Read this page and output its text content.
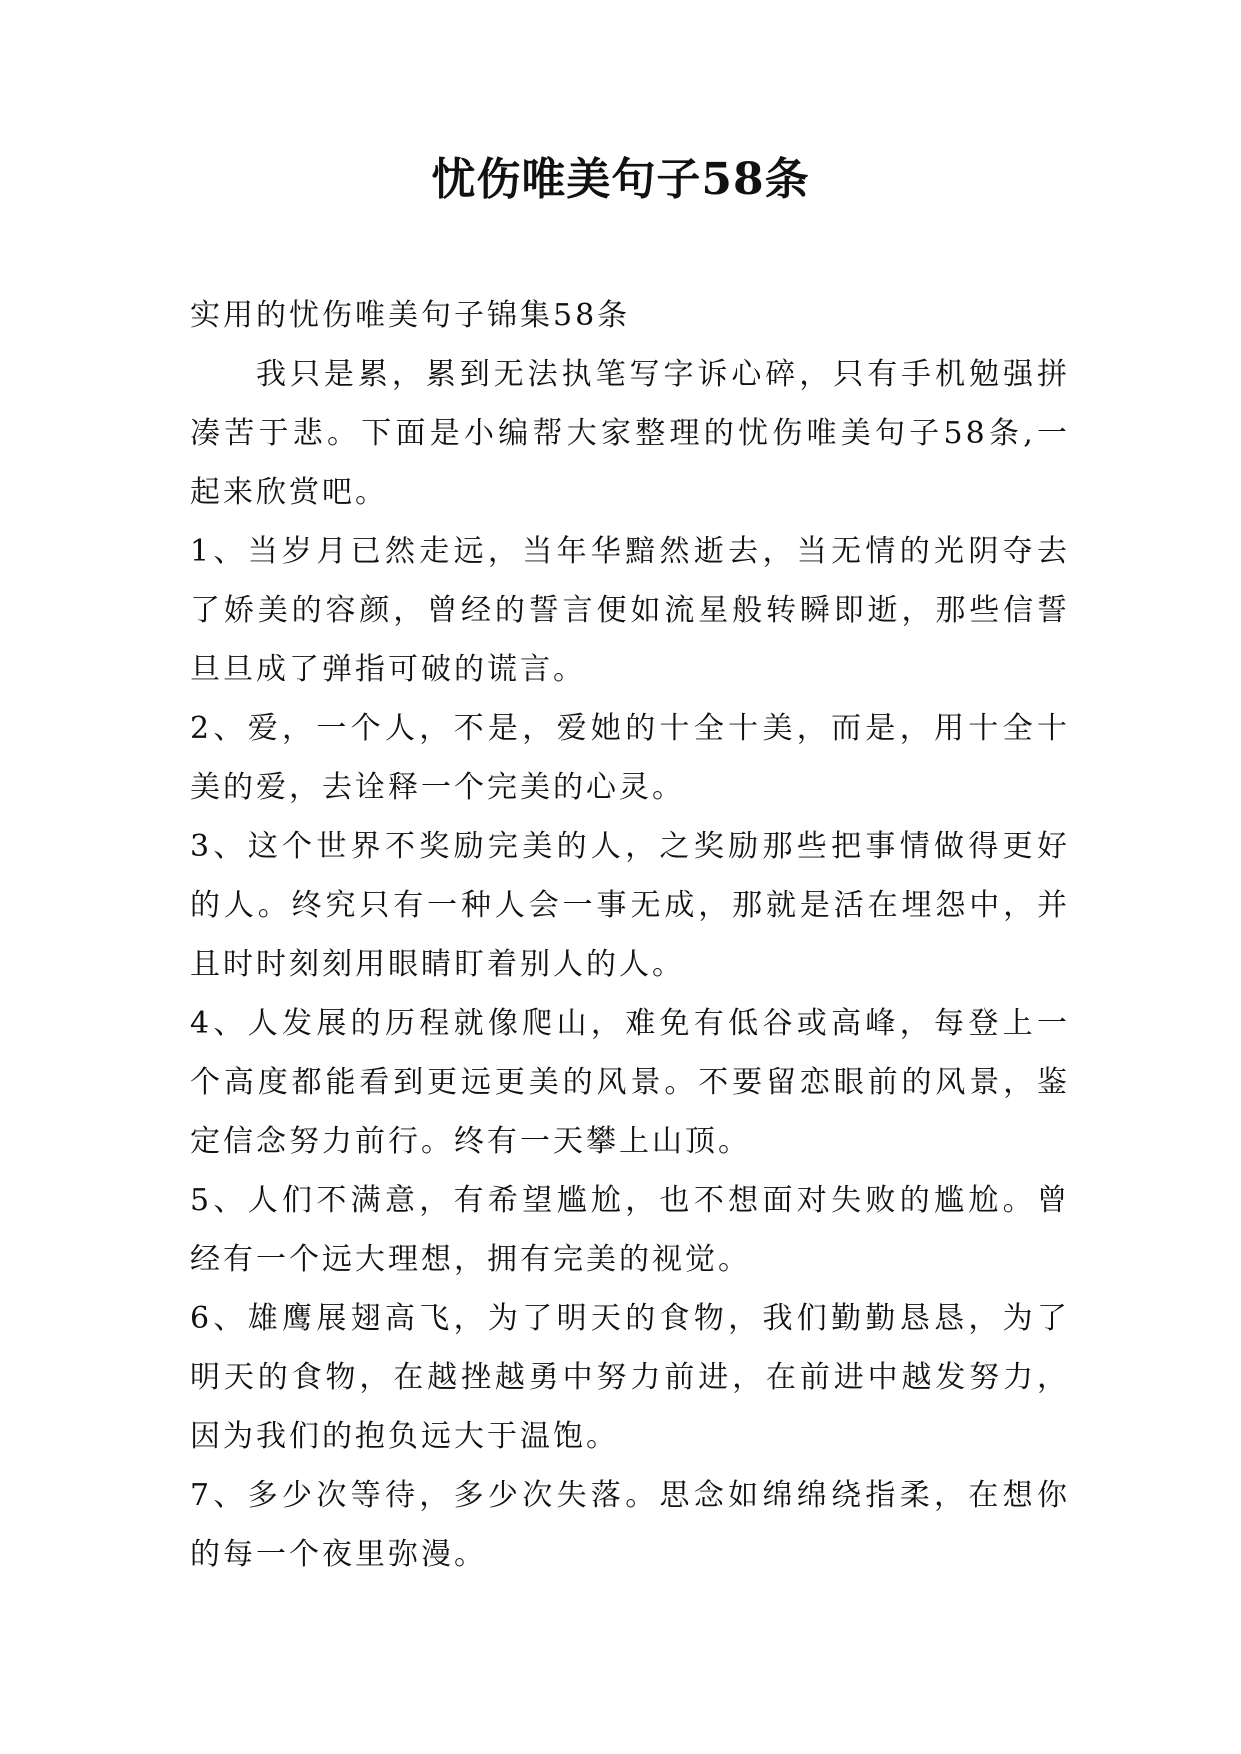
忧伤唯美句子58条

实用的忧伤唯美句子锦集58条

我只是累，累到无法执笔写字诉心碎，只有手机勉强拼凑苦于悲。下面是小编帮大家整理的忧伤唯美句子58条,一起来欣赏吧。

1、当岁月已然走远，当年华黯然逝去，当无情的光阴夺去了娇美的容颜，曾经的誓言便如流星般转瞬即逝，那些信誓旦旦成了弹指可破的谎言。

2、爱，一个人，不是，爱她的十全十美，而是，用十全十美的爱，去诠释一个完美的心灵。

3、这个世界不奖励完美的人，之奖励那些把事情做得更好的人。终究只有一种人会一事无成，那就是活在埋怨中，并且时时刻刻用眼睛盯着别人的人。

4、人发展的历程就像爬山，难免有低谷或高峰，每登上一个高度都能看到更远更美的风景。不要留恋眼前的风景，鉴定信念努力前行。终有一天攀上山顶。

5、人们不满意，有希望尴尬，也不想面对失败的尴尬。曾经有一个远大理想，拥有完美的视觉。

6、雄鹰展翅高飞，为了明天的食物，我们勤勤恳恳，为了明天的食物，在越挫越勇中努力前进，在前进中越发努力，因为我们的抱负远大于温饱。

7、多少次等待，多少次失落。思念如绵绵绕指柔，在想你的每一个夜里弥漫。
